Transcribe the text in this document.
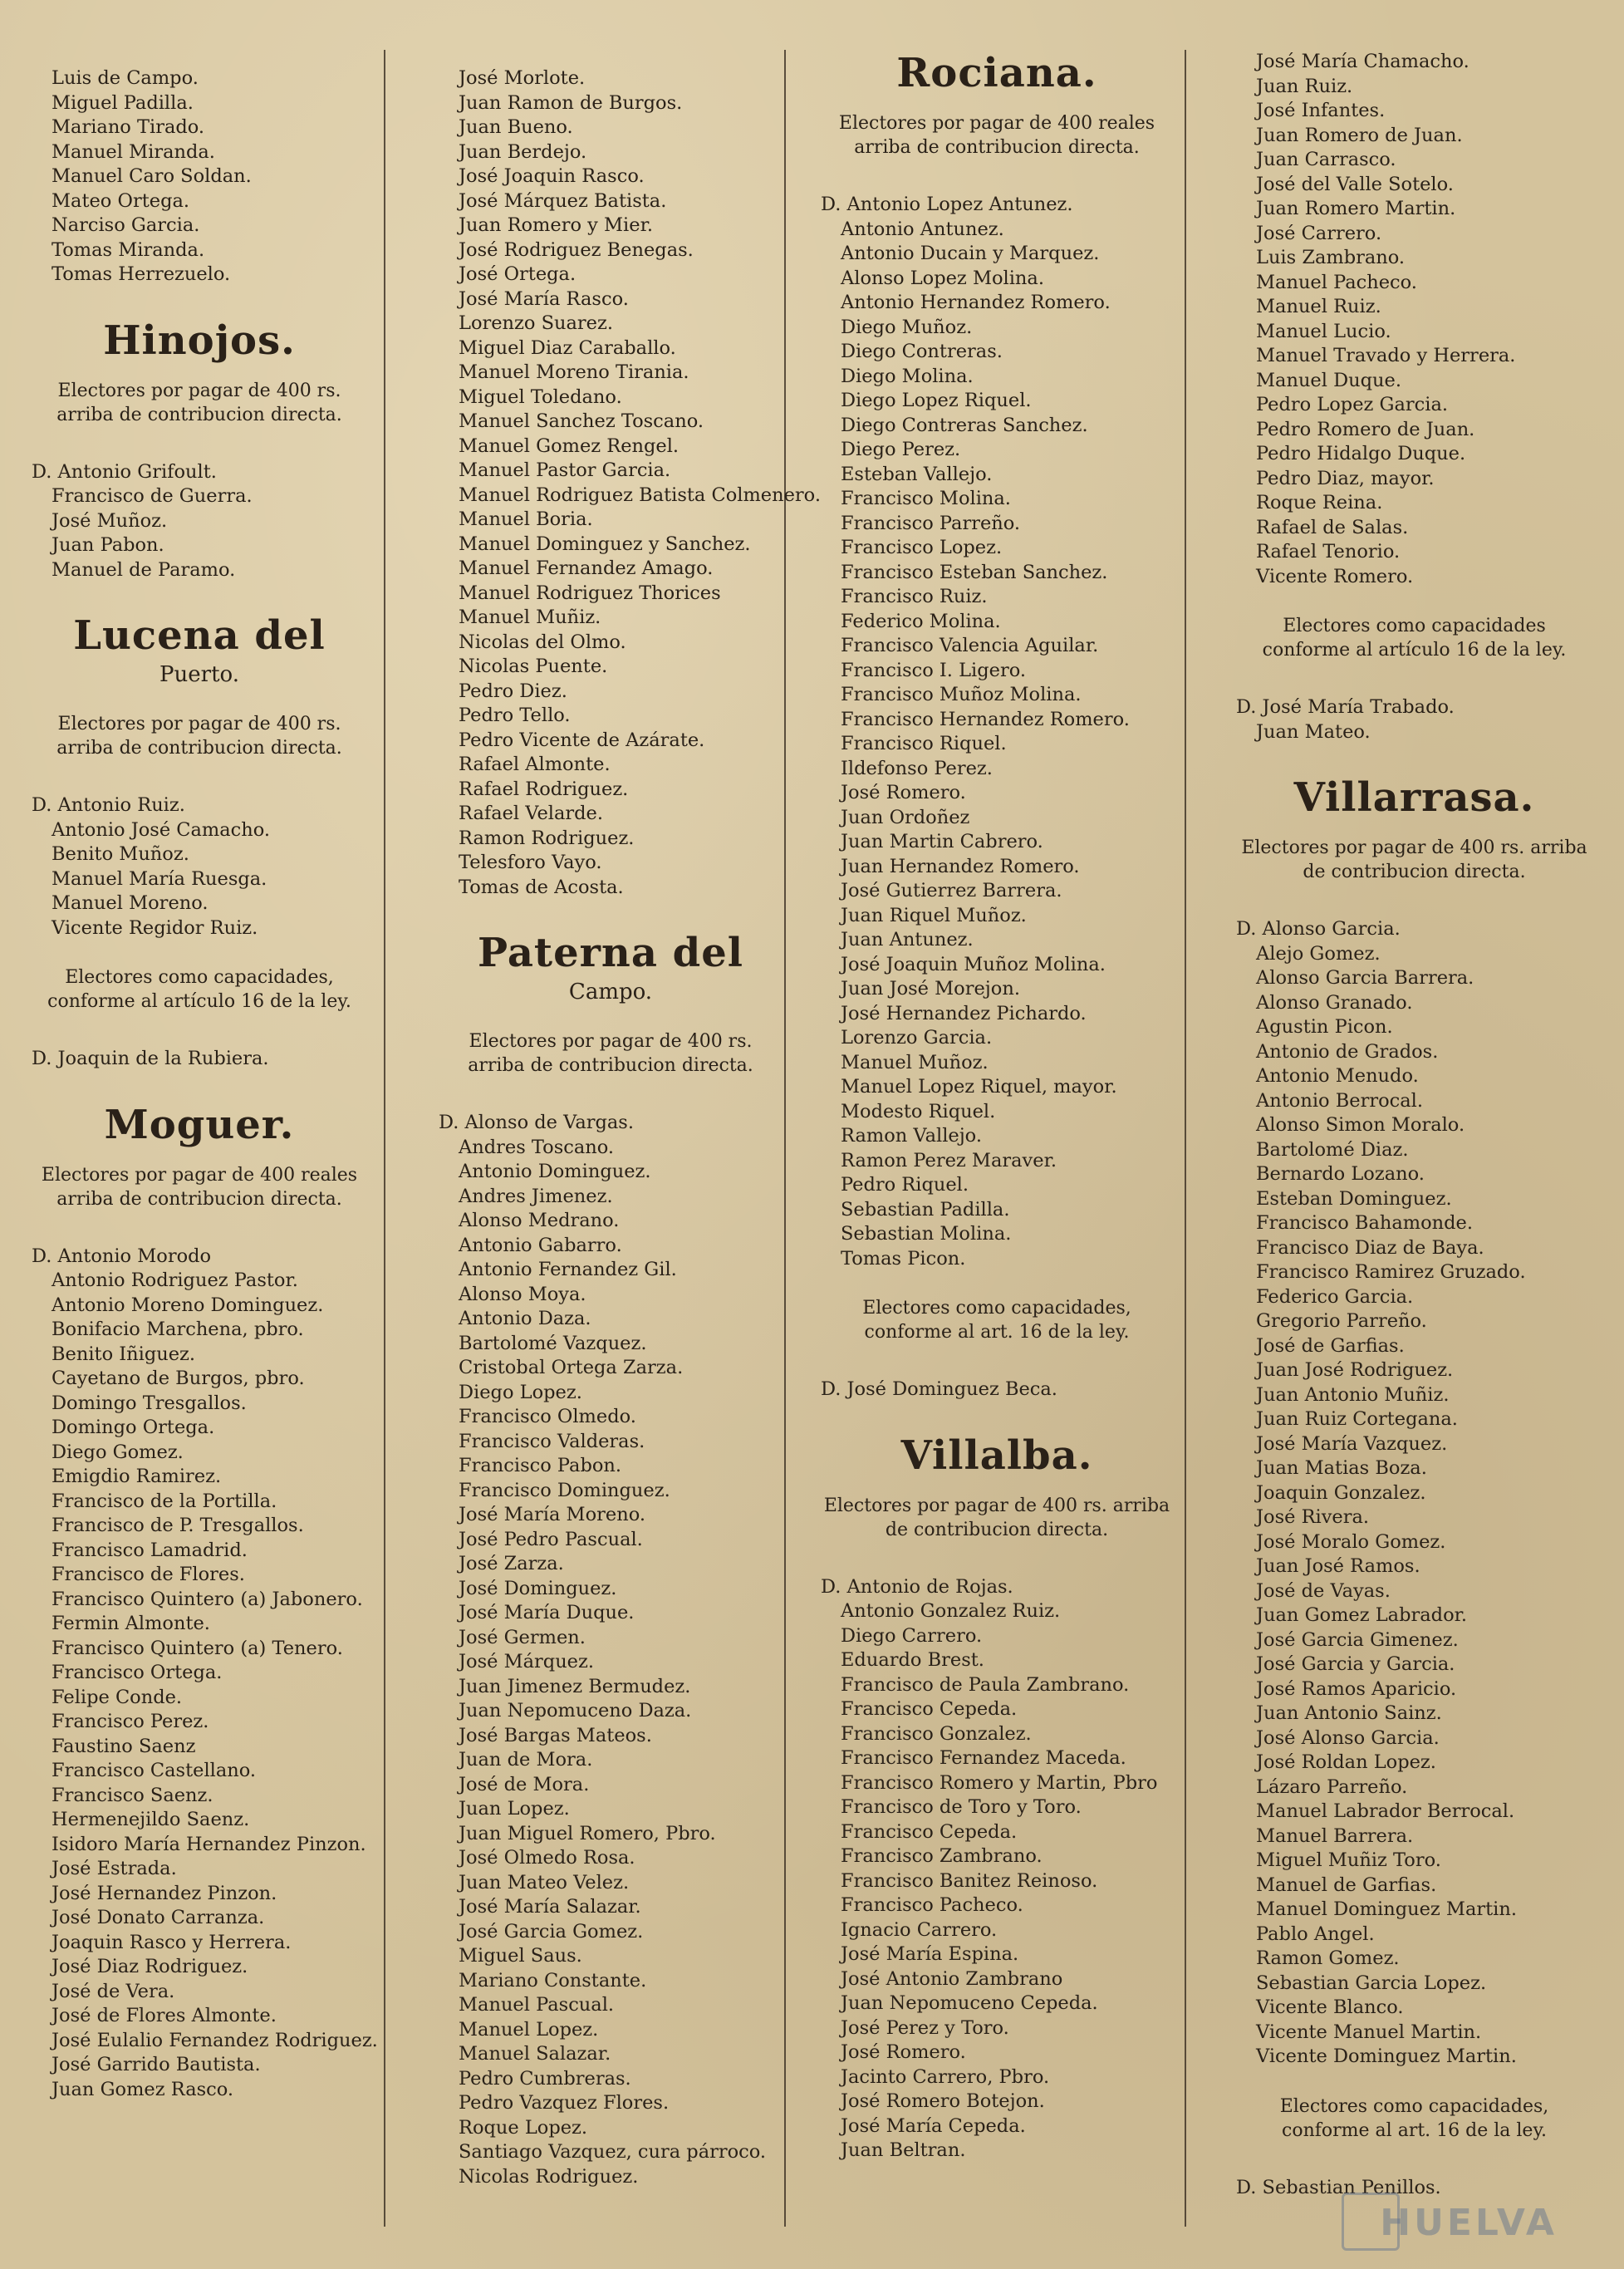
Luis de Campo.
Miguel Padilla.
Mariano Tirado.
Manuel Miranda.
Manuel Caro Soldan.
Mateo Ortega.
Narciso Garcia.
Tomas Miranda.
Tomas Herrezuelo.
Hinojos.
Electores por pagar de 400 rs. arriba de contribucion directa.
D. Antonio Grifoult.
Francisco de Guerra.
José Muñoz.
Juan Pabon.
Manuel de Paramo.
Lucena del
Puerto.
Electores por pagar de 400 rs. arriba de contribucion directa.
D. Antonio Ruiz.
Antonio José Camacho.
Benito Muñoz.
Manuel María Ruesga.
Manuel Moreno.
Vicente Regidor Ruiz.
Electores como capacidades, conforme al artículo 16 de la ley.
D. Joaquin de la Rubiera.
Moguer.
Electores por pagar de 400 reales arriba de contribucion directa.
D. Antonio Morodo
Antonio Rodriguez Pastor.
Antonio Moreno Dominguez.
Bonifacio Marchena, pbro.
Benito Iñiguez.
Cayetano de Burgos, pbro.
Domingo Tresgallos.
Domingo Ortega.
Diego Gomez.
Emigdio Ramirez.
Francisco de la Portilla.
Francisco de P. Tresgallos.
Francisco Lamadrid.
Francisco de Flores.
Francisco Quintero (a) Jabonero.
Fermin Almonte.
Francisco Quintero (a) Tenero.
Francisco Ortega.
Felipe Conde.
Francisco Perez.
Faustino Saenz
Francisco Castellano.
Francisco Saenz.
Hermenejildo Saenz.
Isidoro María Hernandez Pinzon.
José Estrada.
José Hernandez Pinzon.
José Donato Carranza.
Joaquin Rasco y Herrera.
José Diaz Rodriguez.
José de Vera.
José de Flores Almonte.
José Eulalio Fernandez Rodriguez.
José Garrido Bautista.
Juan Gomez Rasco.
José Morlote.
Juan Ramon de Burgos.
Juan Bueno.
Juan Berdejo.
José Joaquin Rasco.
José Márquez Batista.
Juan Romero y Mier.
José Rodriguez Benegas.
José Ortega.
José María Rasco.
Lorenzo Suarez.
Miguel Diaz Caraballo.
Manuel Moreno Tirania.
Miguel Toledano.
Manuel Sanchez Toscano.
Manuel Gomez Rengel.
Manuel Pastor Garcia.
Manuel Rodriguez Batista Colmenero.
Manuel Boria.
Manuel Dominguez y Sanchez.
Manuel Fernandez Amago.
Manuel Rodriguez Thorices
Manuel Muñiz.
Nicolas del Olmo.
Nicolas Puente.
Pedro Diez.
Pedro Tello.
Pedro Vicente de Azárate.
Rafael Almonte.
Rafael Rodriguez.
Rafael Velarde.
Ramon Rodriguez.
Telesforo Vayo.
Tomas de Acosta.
Paterna del
Campo.
Electores por pagar de 400 rs. arriba de contribucion directa.
D. Alonso de Vargas.
Andres Toscano.
Antonio Dominguez.
Andres Jimenez.
Alonso Medrano.
Antonio Gabarro.
Antonio Fernandez Gil.
Alonso Moya.
Antonio Daza.
Bartolomé Vazquez.
Cristobal Ortega Zarza.
Diego Lopez.
Francisco Olmedo.
Francisco Valderas.
Francisco Pabon.
Francisco Dominguez.
José María Moreno.
José Pedro Pascual.
José Zarza.
José Dominguez.
José María Duque.
José Germen.
José Márquez.
Juan Jimenez Bermudez.
Juan Nepomuceno Daza.
José Bargas Mateos.
Juan de Mora.
José de Mora.
Juan Lopez.
Juan Miguel Romero, Pbro.
José Olmedo Rosa.
Juan Mateo Velez.
José María Salazar.
José Garcia Gomez.
Miguel Saus.
Mariano Constante.
Manuel Pascual.
Manuel Lopez.
Manuel Salazar.
Pedro Cumbreras.
Pedro Vazquez Flores.
Roque Lopez.
Santiago Vazquez, cura párroco.
Nicolas Rodriguez.
Rociana.
Electores por pagar de 400 reales arriba de contribucion directa.
D. Antonio Lopez Antunez.
Antonio Antunez.
Antonio Ducain y Marquez.
Alonso Lopez Molina.
Antonio Hernandez Romero.
Diego Muñoz.
Diego Contreras.
Diego Molina.
Diego Lopez Riquel.
Diego Contreras Sanchez.
Diego Perez.
Esteban Vallejo.
Francisco Molina.
Francisco Parreño.
Francisco Lopez.
Francisco Esteban Sanchez.
Francisco Ruiz.
Federico Molina.
Francisco Valencia Aguilar.
Francisco I. Ligero.
Francisco Muñoz Molina.
Francisco Hernandez Romero.
Francisco Riquel.
Ildefonso Perez.
José Romero.
Juan Ordoñez
Juan Martin Cabrero.
Juan Hernandez Romero.
José Gutierrez Barrera.
Juan Riquel Muñoz.
Juan Antunez.
José Joaquin Muñoz Molina.
Juan José Morejon.
José Hernandez Pichardo.
Lorenzo Garcia.
Manuel Muñoz.
Manuel Lopez Riquel, mayor.
Modesto Riquel.
Ramon Vallejo.
Ramon Perez Maraver.
Pedro Riquel.
Sebastian Padilla.
Sebastian Molina.
Tomas Picon.
Electores como capacidades, conforme al art. 16 de la ley.
D. José Dominguez Beca.
Villalba.
Electores por pagar de 400 rs. arriba de contribucion directa.
D. Antonio de Rojas.
Antonio Gonzalez Ruiz.
Diego Carrero.
Eduardo Brest.
Francisco de Paula Zambrano.
Francisco Cepeda.
Francisco Gonzalez.
Francisco Fernandez Maceda.
Francisco Romero y Martin, Pbro
Francisco de Toro y Toro.
Francisco Cepeda.
Francisco Zambrano.
Francisco Banitez Reinoso.
Francisco Pacheco.
Ignacio Carrero.
José María Espina.
José Antonio Zambrano
Juan Nepomuceno Cepeda.
José Perez y Toro.
José Romero.
Jacinto Carrero, Pbro.
José Romero Botejon.
José María Cepeda.
Juan Beltran.
José María Chamacho.
Juan Ruiz.
José Infantes.
Juan Romero de Juan.
Juan Carrasco.
José del Valle Sotelo.
Juan Romero Martin.
José Carrero.
Luis Zambrano.
Manuel Pacheco.
Manuel Ruiz.
Manuel Lucio.
Manuel Travado y Herrera.
Manuel Duque.
Pedro Lopez Garcia.
Pedro Romero de Juan.
Pedro Hidalgo Duque.
Pedro Diaz, mayor.
Roque Reina.
Rafael de Salas.
Rafael Tenorio.
Vicente Romero.
Electores como capacidades conforme al artículo 16 de la ley.
D. José María Trabado.
Juan Mateo.
Villarrasa.
Electores por pagar de 400 rs. arriba de contribucion directa.
D. Alonso Garcia.
Alejo Gomez.
Alonso Garcia Barrera.
Alonso Granado.
Agustin Picon.
Antonio de Grados.
Antonio Menudo.
Antonio Berrocal.
Alonso Simon Moralo.
Bartolomé Diaz.
Bernardo Lozano.
Esteban Dominguez.
Francisco Bahamonde.
Francisco Diaz de Baya.
Francisco Ramirez Gruzado.
Federico Garcia.
Gregorio Parreño.
José de Garfias.
Juan José Rodriguez.
Juan Antonio Muñiz.
Juan Ruiz Cortegana.
José María Vazquez.
Juan Matias Boza.
Joaquin Gonzalez.
José Rivera.
José Moralo Gomez.
Juan José Ramos.
José de Vayas.
Juan Gomez Labrador.
José Garcia Gimenez.
José Garcia y Garcia.
José Ramos Aparicio.
Juan Antonio Sainz.
José Alonso Garcia.
José Roldan Lopez.
Lázaro Parreño.
Manuel Labrador Berrocal.
Manuel Barrera.
Miguel Muñiz Toro.
Manuel de Garfias.
Manuel Dominguez Martin.
Pablo Angel.
Ramon Gomez.
Sebastian Garcia Lopez.
Vicente Blanco.
Vicente Manuel Martin.
Vicente Dominguez Martin.
Electores como capacidades, conforme al art. 16 de la ley.
D. Sebastian Penillos.
HUELVA
